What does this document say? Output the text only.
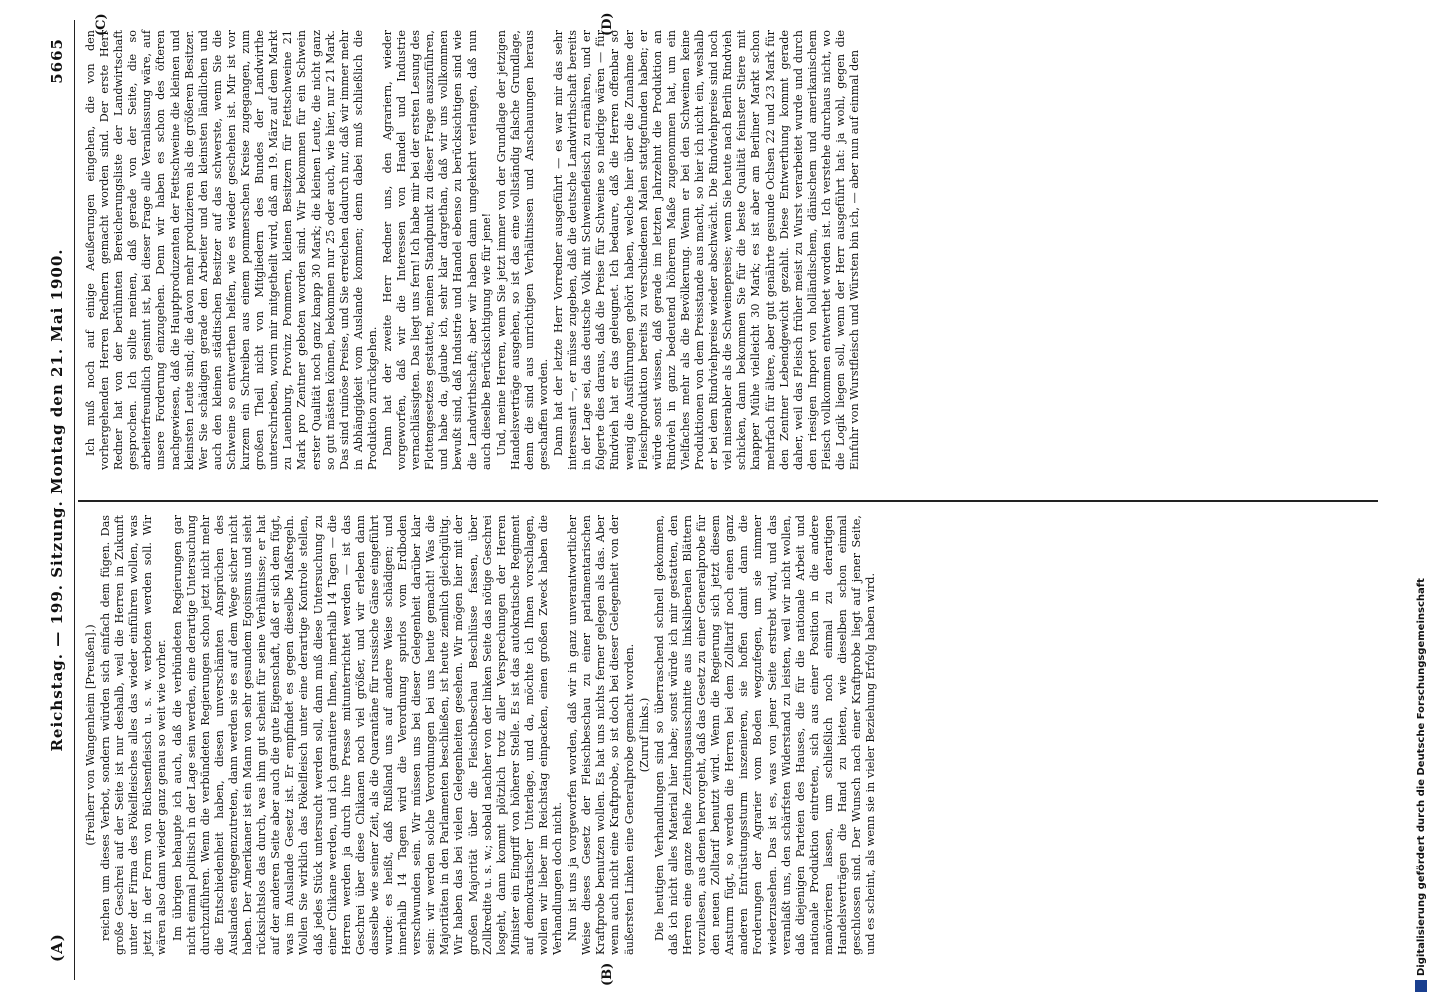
(A)
Reichstag. — 199. Sitzung. Montag den 21. Mai 1900.
5665
(B)
(C)	(D)

(Freiherr von Wangenheim [Preußen].) reichen um dieses Verbot, sondern würden sich einfach dem fügen. Das große Geschrei auf der Seite ist nur deshalb, weil die Herren in Zukunft unter der Firma des Pökelfleisches alles das wieder einführen wollen, was jetzt in der Form von Büchsenfleisch u. s. w. verboten werden soll. Wir wären also dann wieder ganz genau so weit wie vorher. Im übrigen behaupte ich auch, daß die verbündeten Regierungen gar nicht einmal politisch in der Lage sein werden, eine derartige Untersuchung durchzuführen. Wenn die verbündeten Regierungen schon jetzt nicht mehr die Entschiedenheit haben, diesen unverschämten Ansprüchen des Auslandes entgegenzutreten, dann werden sie es auf dem Wege sicher nicht haben. Der Amerikaner ist ein Mann von sehr gesundem Egoismus und sieht rücksichtslos das durch, was ihm gut scheint für seine Verhältnisse; er hat auf der anderen Seite aber auch die gute Eigenschaft, daß er sich dem fügt, was im Auslande Gesetz ist. Er empfindet es gegen dieselbe Maßregeln. Wollen Sie wirklich das Pökelfleisch unter eine derartige Kontrole stellen, daß jedes Stück untersucht werden soll, dann muß diese Untersuchung zu einer Chikane werden, und ich garantiere Ihnen, innerhalb 14 Tagen — die Herren werden ja durch ihre Presse mitunterrichtet werden — ist das Geschrei über diese Chikanen noch viel größer, und wir erleben dann dasselbe wie seiner Zeit, als die Quarantäne für russische Gänse eingeführt wurde: es heißt, daß Rußland uns auf andere Weise schädigen; und innerhalb 14 Tagen wird die Verordnung spurlos vom Erdboden verschwunden sein. Wir müssen uns bei dieser Gelegenheit darüber klar sein: wir werden solche Verordnungen bei uns heute gemacht! Was die Majoritäten in den Parlamenten beschließen, ist heute ziemlich gleichgültig. Wir haben das bei vielen Gelegenheiten gesehen. Wir mögen hier mit der großen Majorität über die Fleischbeschau Beschlüsse fassen, über Zollkredite u. s. w.; sobald nachher von der linken Seite das nötige Geschrei losgeht, dann kommt plötzlich trotz aller Versprechungen der Herren Minister ein Eingriff von höherer Stelle. Es ist das autokratische Regiment auf demokratischer Unterlage, und da, möchte ich Ihnen vorschlagen, wollen wir lieber im Reichstag einpacken, einen großen Zweck haben die Verhandlungen doch nicht. Nun ist uns ja vorgeworfen worden, daß wir in ganz unverantwortlicher Weise dieses Gesetz der Fleischbeschau zu einer parlamentarischen Kraftprobe benutzen wollen. Es hat uns nichts ferner gelegen als das. Aber wenn auch nicht eine Kraftprobe, so ist doch bei dieser Gelegenheit von der äußersten Linken eine Generalprobe gemacht worden. (Zuruf links.) Die heutigen Verhandlungen sind so überraschend schnell gekommen, daß ich nicht alles Material hier habe; sonst würde ich mir gestatten, den Herren eine ganze Reihe Zeitungsausschnitte aus linksliberalen Blättern vorzulesen, aus denen hervorgeht, daß das Gesetz zu einer Generalprobe für den neuen Zolltarif benutzt wird. Wenn die Regierung sich jetzt diesem Ansturm fügt, so werden die Herren bei dem Zolltarif noch einen ganz anderen Entrüstungssturm inszenieren, sie hoffen damit dann die Forderungen der Agrarier vom Boden wegzufegen, um sie nimmer wiederzusehen. Das ist es, was von jener Seite erstrebt wird, und das veranlaßt uns, den schärfsten Widerstand zu leisten, weil wir nicht wollen, daß diejenigen Parteien des Hauses, die für die nationale Arbeit und nationale Produktion eintreten, sich aus einer Position in die andere manövrieren lassen, um schließlich noch einmal zu derartigen Handelsverträgen die Hand zu bieten, wie dieselben schon einmal geschlossen sind. Der Wunsch nach einer Kraftprobe liegt auf jener Seite, und es scheint, als wenn sie in vieler Beziehung Erfolg haben wird.

Ich muß noch auf einige Aeußerungen eingehen, die von den vorhergehenden Herren Rednern gemacht worden sind. Der erste Herr Redner hat von der berühmten Bereicherungsliste der Landwirtschaft gesprochen. Ich sollte meinen, daß gerade von der Seite, die so arbeiterfreundlich gesinnt ist, bei dieser Frage alle Veranlassung wäre, auf unsere Forderung einzugehen. Denn wir haben es schon des öfteren nachgewiesen, daß die Hauptproduzenten der Fettschweine die kleinen und kleinsten Leute sind; die davon mehr produzieren als die größeren Besitzer. Wer Sie schädigen gerade den Arbeiter und den kleinsten ländlichen und auch den kleinen städtischen Besitzer auf das schwerste, wenn Sie die Schweine so entwerthen helfen, wie es wieder geschehen ist. Mir ist vor kurzem ein Schreiben aus einem pommerschen Kreise zugegangen, zum großen Theil nicht von Mitgliedern des Bundes der Landwirthe unterschrieben, worin mir mitgetheilt wird, daß am 19. März auf dem Markt zu Lauenburg, Provinz Pommern, kleinen Besitzern für Fettschweine 21 Mark pro Zentner geboten worden sind. Wir bekommen für ein Schwein erster Qualität noch ganz knapp 30 Mark; die kleinen Leute, die nicht ganz so gut mästen können, bekommen nur 25 oder auch, wie hier, nur 21 Mark. Das sind ruinöse Preise, und Sie erreichen dadurch nur, daß wir immer mehr in Abhängigkeit vom Auslande kommen; denn dabei muß schließlich die Produktion zurückgehen. Dann hat der zweite Herr Redner uns, den Agrariern, wieder vorgeworfen, daß wir die Interessen von Handel und Industrie vernachlässigten. Das liegt uns fern! Ich habe mir bei der ersten Lesung des Flottengesetzes gestattet, meinen Standpunkt zu dieser Frage auszuführen, und habe da, glaube ich, sehr klar dargethan, daß wir uns vollkommen bewußt sind, daß Industrie und Handel ebenso zu berücksichtigen sind wie die Landwirthschaft; aber wir haben dann umgekehrt verlangen, daß nun auch dieselbe Berücksichtigung wie für jene! Und, meine Herren, wenn Sie jetzt immer von der Grundlage der jetzigen Handelsverträge ausgehen, so ist das eine vollständig falsche Grundlage, denn die sind aus unrichtigen Verhältnissen und Anschauungen heraus geschaffen worden. Dann hat der letzte Herr Vorredner ausgeführt — es war mir das sehr interessant —, er müsse zugeben, daß die deutsche Landwirthschaft bereits in der Lage sei, das deutsche Volk mit Schweinefleisch zu ernähren, und er folgerte dies daraus, daß die Preise für Schweine so niedrige wären — für Rindvieh hat er das geleugnet. Ich bedaure, daß die Herren offenbar so wenig die Ausführungen gehört haben, welche hier über die Zunahme der Fleischproduktion bereits zu verschiedenen Malen stattgefunden haben; er würde sonst wissen, daß gerade im letzten Jahrzehnt die Produktion an Rindvieh in ganz bedeutend höherem Maße zugenommen hat, um ein Vielfaches mehr als die Bevölkerung. Wenn er bei den Schweinen keine Produktionen von dem Preisstande aus macht, so hier ich nicht ein, weshalb er bei dem Rindviehpreise wieder abschwächt. Die Rindviehpreise sind noch viel miserabler als die Schweinepreise; wenn Sie heute nach Berlin Rindvieh schicken, dann bekommen Sie für die beste Qualität feinster Stiere mit knapper Mühe vielleicht 30 Mark; es ist aber am Berliner Markt schon mehrfach für ältere, aber gut genährte gesunde Ochsen 22 und 23 Mark für den Zentner Lebendgewicht gezahlt. Diese Entwerthung kommt gerade daher, weil das Fleisch früher meist zu Wurst verarbeitet wurde und durch den riesigen Import von holländischem, dänischem und amerikanischem Fleisch vollkommen entwerthet worden ist. Ich verstehe durchaus nicht, wo die Logik liegen soll, wenn der Herr ausgeführt hat: ja wohl, gegen die Einfuhr von Wurstfleisch und Würsten bin ich, — aber nun auf einmal den

Digitalisierung gefördert durch die Deutsche Forschungsgemeinschaft
